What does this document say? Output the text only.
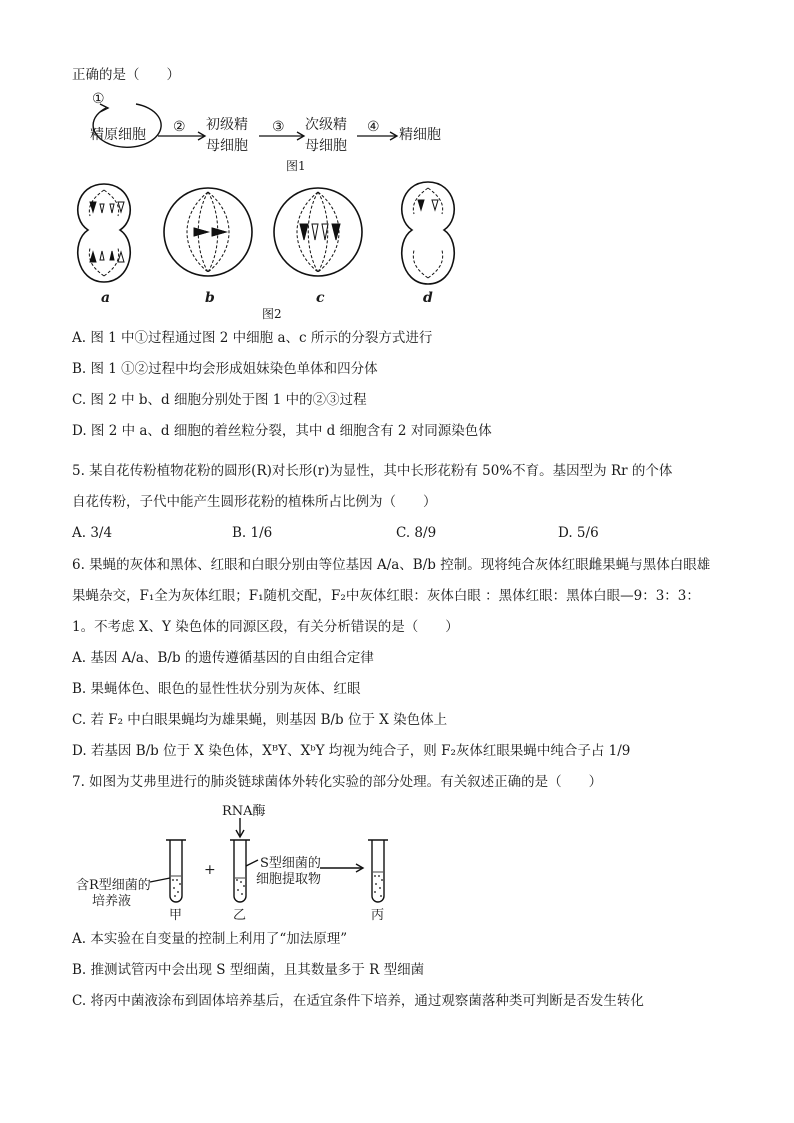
正确的是（　　）
①
精原细胞 ② 初级精
母细胞
③ 次级精
母细胞
④ 精细胞
图1
a	b	c	d
图2
A. 图 1 中①过程通过图 2 中细胞 a、c 所示的分裂方式进行
B. 图 1 ①②过程中均会形成姐妹染色单体和四分体
C. 图 2 中 b、d 细胞分别处于图 1 中的②③过程
D. 图 2 中 a、d 细胞的着丝粒分裂，其中 d 细胞含有 2 对同源染色体
5. 某自花传粉植物花粉的圆形(R)对长形(r)为显性，其中长形花粉有 50%不育。基因型为 Rr 的个体
自花传粉，子代中能产生圆形花粉的植株所占比例为（　　）
A. 3/4	B. 1/6	C. 8/9	D. 5/6
6. 果蝇的灰体和黑体、红眼和白眼分别由等位基因 A/a、B/b 控制。现将纯合灰体红眼雌果蝇与黑体白眼雄
果蝇杂交，F₁全为灰体红眼；F₁随机交配，F₂中灰体红眼：灰体白眼 ：黑体红眼：黑体白眼—9：3：3：
1。不考虑 X、Y 染色体的同源区段，有关分析错误的是（　　）
A. 基因 A/a、B/b 的遗传遵循基因的自由组合定律
B. 果蝇体色、眼色的显性性状分别为灰体、红眼
C. 若 F₂ 中白眼果蝇均为雄果蝇，则基因 B/b 位于 X 染色体上
D. 若基因 B/b 位于 X 染色体，XᴮY、XᵇY 均视为纯合子，则 F₂灰体红眼果蝇中纯合子占 1/9
7. 如图为艾弗里进行的肺炎链球菌体外转化实验的部分处理。有关叙述正确的是（　　）
RNA酶
+
含R型细菌的
培养液
S型细菌的
细胞提取物
甲	乙	丙
A. 本实验在自变量的控制上利用了“加法原理”
B. 推测试管丙中会出现 S 型细菌，且其数量多于 R 型细菌
C. 将丙中菌液涂布到固体培养基后，在适宜条件下培养，通过观察菌落种类可判断是否发生转化
